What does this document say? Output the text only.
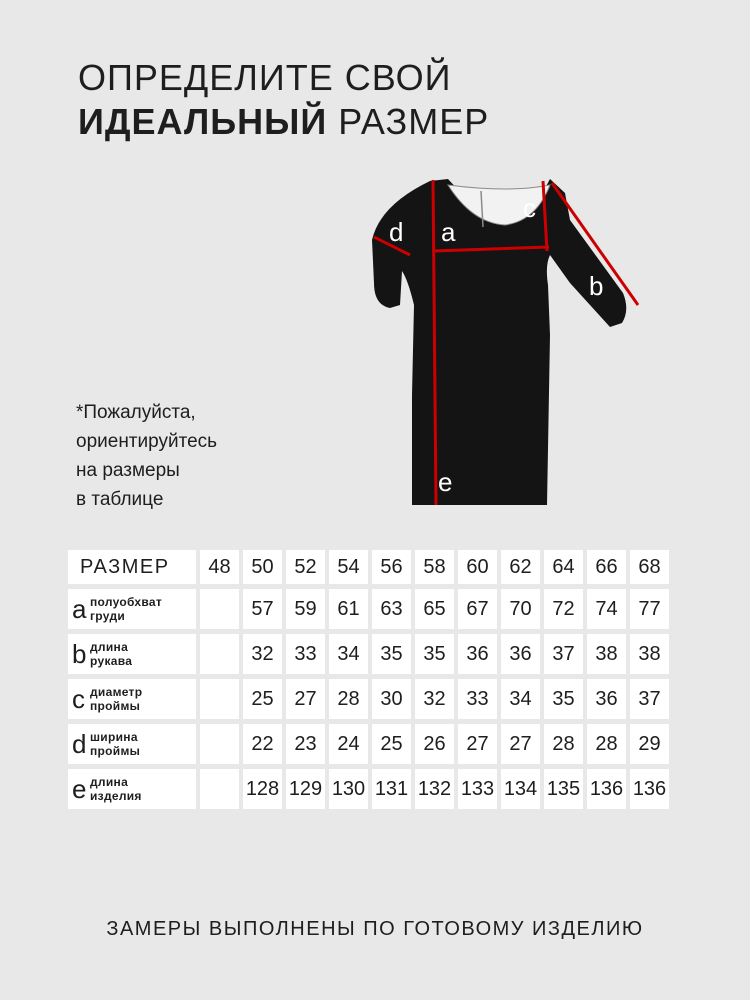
ОПРЕДЕЛИТЕ СВОЙ
ИДЕАЛЬНЫЙ РАЗМЕР
d a
c
b
e
*Пожалуйста,
ориентируйтесь
на размеры
в таблице
РАЗМЕР	48	50	52	54	56	58	60	62	64	66	68
a полуобхват
груди		57	59	61	63	65	67	70	72	74	77
b длина
рукава		32	33	34	35	35	36	36	37	38	38
c диаметр
проймы		25	27	28	30	32	33	34	35	36	37
d ширина
проймы		22	23	24	25	26	27	27	28	28	29
e длина
изделия		128	129	130	131	132	133	134	135	136	136
ЗАМЕРЫ ВЫПОЛНЕНЫ ПО ГОТОВОМУ ИЗДЕЛИЮ
